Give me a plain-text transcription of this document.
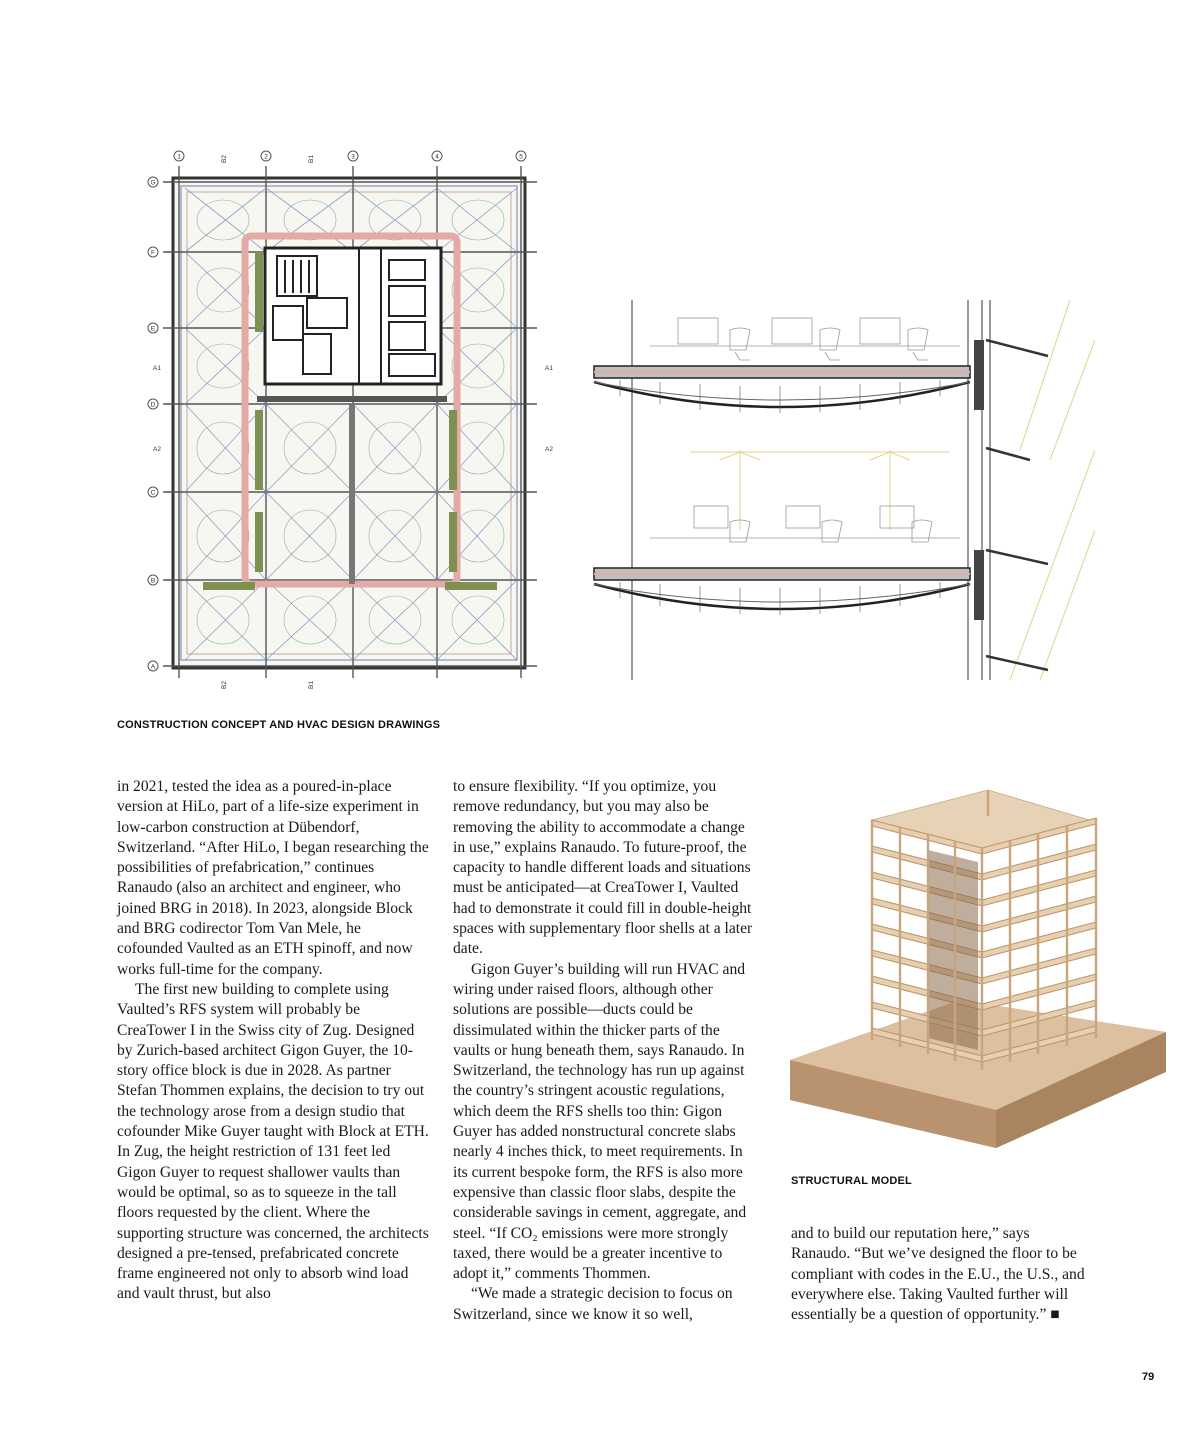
1	B2	2	B1	3	4	5
B2	B1
G
F
E
A1
D
A2
C
B
A
A1
A2
CONSTRUCTION CONCEPT AND HVAC DESIGN DRAWINGS
STRUCTURAL MODEL

in 2021, tested the idea as a poured-in-place version at HiLo, part of a life-size experiment in low-carbon construction at Dübendorf, Switzerland. “After HiLo, I began researching the possibilities of prefabrication,” continues Ranaudo (also an architect and engineer, who joined BRG in 2018). In 2023, alongside Block and BRG codirector Tom Van Mele, he cofounded Vaulted as an ETH spinoff, and now works full-time for the company.

The first new building to complete using Vaulted’s RFS system will probably be CreaTower I in the Swiss city of Zug. Designed by Zurich-based architect Gigon Guyer, the 10-story office block is due in 2028. As partner Stefan Thommen explains, the decision to try out the technology arose from a design studio that cofounder Mike Guyer taught with Block at ETH. In Zug, the height restriction of 131 feet led Gigon Guyer to request shallower vaults than would be optimal, so as to squeeze in the tall floors requested by the client. Where the supporting structure was concerned, the architects designed a pre-tensed, prefabricated concrete frame engineered not only to absorb wind load and vault thrust, but also

to ensure flexibility. “If you optimize, you remove redundancy, but you may also be removing the ability to accommodate a change in use,” explains Ranaudo. To future-proof, the capacity to handle different loads and situations must be anticipated—at CreaTower I, Vaulted had to demonstrate it could fill in double-height spaces with supplementary floor shells at a later date.

Gigon Guyer’s building will run HVAC and wiring under raised floors, although other solutions are possible—ducts could be dissimulated within the thicker parts of the vaults or hung beneath them, says Ranaudo. In Switzerland, the technology has run up against the country’s stringent acoustic regulations, which deem the RFS shells too thin: Gigon Guyer has added nonstructural concrete slabs nearly 4 inches thick, to meet requirements. In its current bespoke form, the RFS is also more expensive than classic floor slabs, despite the considerable savings in cement, aggregate, and steel. “If CO₂ emissions were more strongly taxed, there would be a greater incentive to adopt it,” comments Thommen.

“We made a strategic decision to focus on Switzerland, since we know it so well,

and to build our reputation here,” says Ranaudo. “But we’ve designed the floor to be compliant with codes in the E.U., the U.S., and everywhere else. Taking Vaulted further will essentially be a question of opportunity.” ■

79
